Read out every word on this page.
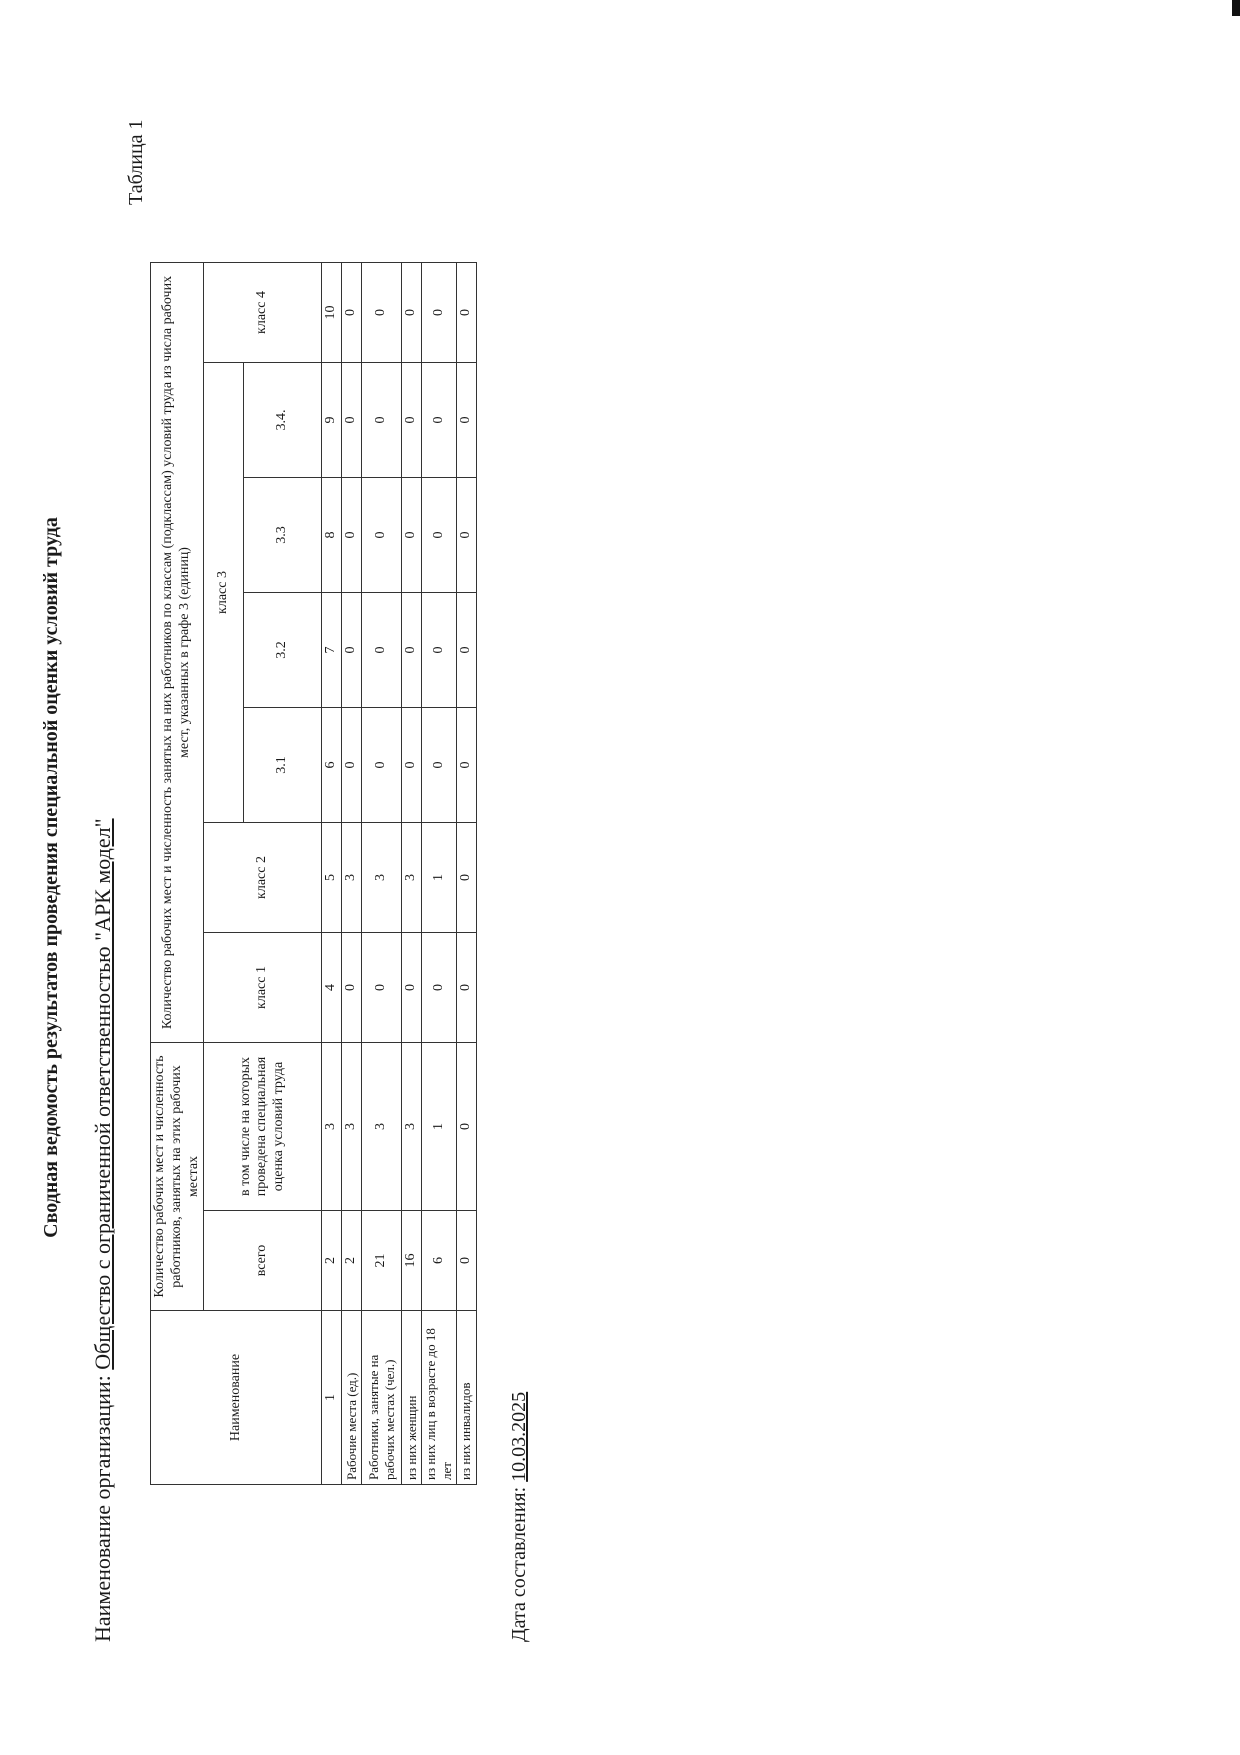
Сводная ведомость результатов проведения специальной оценки условий труда
Наименование организации: Общество с ограниченной ответственностью "АРК модел"
Таблица 1
Наименование	Количество рабочих мест и численность работников, занятых на этих рабочих местах		Количество рабочих мест и численность занятых на них работников по классам (подклассам) условий труда из числа рабочих мест, указанных в графе 3 (единиц)						
	всего	в том числе на которых проведена специальная оценка условий труда	класс 1	класс 2	класс 3				класс 4
					3.1	3.2	3.3	3.4.	
1	2	3	4	5	6	7	8	9	10
Рабочие места (ед.)	2	3	0	3	0	0	0	0	0
Работники, занятые на рабочих местах (чел.)	21	3	0	3	0	0	0	0	0
из них женщин	16	3	0	3	0	0	0	0	0
из них лиц в возрасте до 18 лет	6	1	0	1	0	0	0	0	0
из них инвалидов	0	0	0	0	0	0	0	0	0
Дата составления: 10.03.2025
